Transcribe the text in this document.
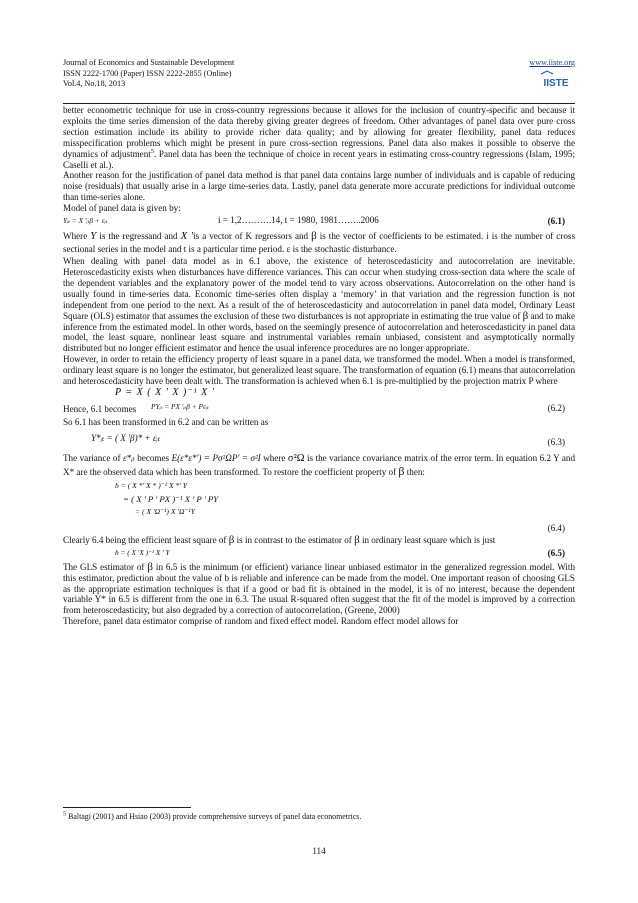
Journal of Economics and Sustainable Development
ISSN 2222-1700 (Paper) ISSN 2222-2855 (Online)
Vol.4, No.18, 2013
www.iiste.org
IISTE

better econometric technique for use in cross-country regressions because it allows for the inclusion of country-specific and because it exploits the time series dimension of the data thereby giving greater degrees of freedom. Other advantages of panel data over pure cross section estimation include its ability to provide richer data quality; and by allowing for greater flexibility, panel data reduces misspecification problems which might be present in pure cross-section regressions. Panel data also makes it possible to observe the dynamics of adjustment$^5$. Panel data has been the technique of choice in recent years in estimating cross-country regressions (Islam, 1995; Caselli et al.).

Another reason for the justification of panel data method is that panel data contains large number of individuals and is capable of reducing noise (residuals) that usually arise in a large time-series data. Lastly, panel data generate more accurate predictions for individual outcome than time-series alone.

Model of panel data is given by:

Yᵢₜ = X 'ᵢₜβ + εᵢₜ	i = 1,2……….14, t = 1980, 1981……..2006	(6.1)

Where Y is the regressand and X 'is a vector of K regressors and β is the vector of coefficients to be estimated. i is the number of cross sectional series in the model and t is a particular time period. ε is the stochastic disturbance.

When dealing with panel data model as in 6.1 above, the existence of heteroscedasticity and autocorrelation are inevitable. Heteroscedasticity exists when disturbances have difference variances. This can occur when studying cross-section data where the scale of the dependent variables and the explanatory power of the model tend to vary across observations. Autocorrelation on the other hand is usually found in time-series data. Economic time-series often display a ‘memory’ in that variation and the regression function is not independent from one period to the next. As a result of the of heteroscedasticity and autocorrelation in panel data model, Ordinary Least Square (OLS) estimator that assumes the exclusion of these two disturbances is not appropriate in estimating the true value of β and to make inference from the estimated model. In other words, based on the seemingly presence of autocorrelation and heteroscedasticity in panel data model, the least square, nonlinear least square and instrumental variables remain unbiased, consistent and asymptotically normally distributed but no longer efficient estimator and hence the usual inference procedures are no longer appropriate.

However, in order to retain the efficiency property of least square in a panel data, we transformed the model. When a model is transformed, ordinary least square is no longer the estimator, but generalized least square. The transformation of equation (6.1) means that autocorrelation and heteroscedasticity have been dealt with. The transformation is achieved when 6.1 is pre-multiplied by the projection matrix P where

P = X ( X ' X )⁻¹ X '
Hence, 6.1 becomes PYᵢₜ = PX 'ᵢₜβ + Pεᵢₜ	(6.2)

So 6.1 has been transformed in 6.2 and can be written as

Y*ᵢₜ = ( X 'β)* + εᵢₜ	(6.3)

The variance of ε*ᵢₜ becomes E(ε*ε*') = Pσ²ΩP' = σ²I where σ²Ω is the variance covariance matrix of the error term. In equation 6.2 Y and X* are the observed data which has been transformed. To restore the coefficient property of β then:

b = ( X *' X * )⁻¹ X *' Y
= ( X ' P ' PX )⁻¹ X ' P ' PY
= ( X 'Ω⁻¹) X 'Ω⁻¹Y
(6.4)

Clearly 6.4 being the efficient least square of β is in contrast to the estimator of β in ordinary least square which is just

b = ( X 'X )⁻¹ X ' Y	(6.5)

The GLS estimator of β in 6.5 is the minimum (or efficient) variance linear unbiased estimator in the generalized regression model. With this estimator, prediction about the value of b is reliable and inference can be made from the model. One important reason of choosing GLS as the appropriate estimation techniques is that if a good or bad fit is obtained in the model, it is of no interest, because the dependent variable Y* in 6.5 is different from the one in 6.3. The usual R-squared often suggest that the fit of the model is improved by a correction from heteroscedasticity, but also degraded by a correction of autocorrelation, (Greene, 2000)

Therefore, panel data estimator comprise of random and fixed effect model. Random effect model allows for

$^5$ Baltagi (2001) and Hsiao (2003) provide comprehensive surveys of panel data econometrics.
114
